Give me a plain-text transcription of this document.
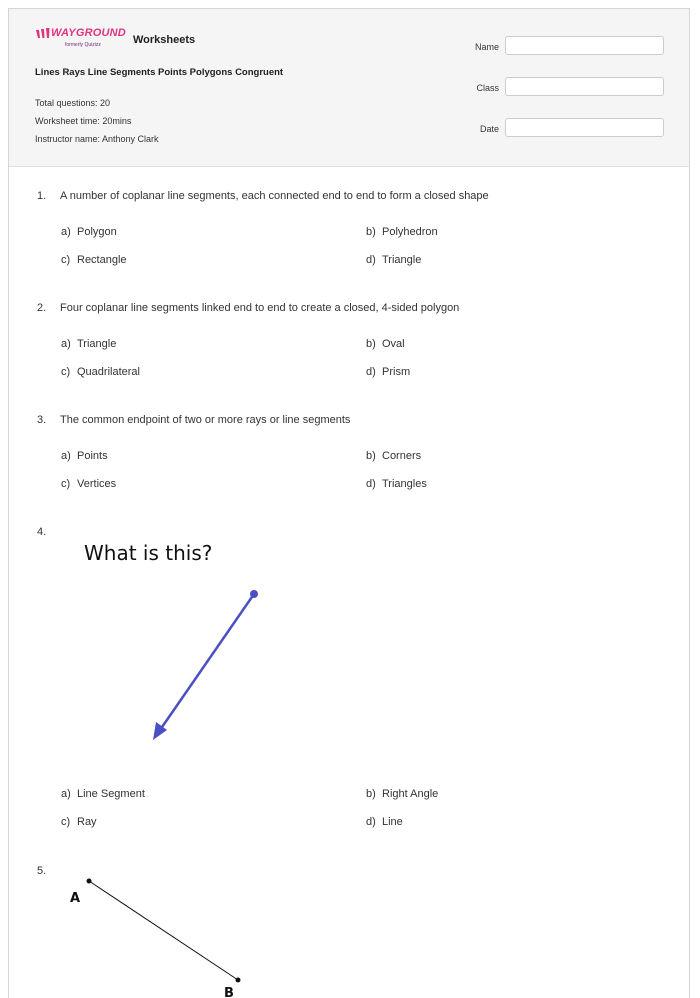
WAYGROUND
formerly Quizizz	Worksheets
Lines Rays Line Segments Points Polygons Congruent
Total questions: 20
Worksheet time: 20mins
Instructor name: Anthony Clark
Name
Class
Date
1. A number of coplanar line segments, each connected end to end to form a closed shape
a) Polygon	b) Polyhedron
c) Rectangle	d) Triangle
2. Four coplanar line segments linked end to end to create a closed, 4-sided polygon
a) Triangle	b) Oval
c) Quadrilateral	d) Prism
3. The common endpoint of two or more rays or line segments
a) Points	b) Corners
c) Vertices	d) Triangles
4.
What is this?
a) Line Segment	b) Right Angle
c) Ray	d) Line
5.
A
B
